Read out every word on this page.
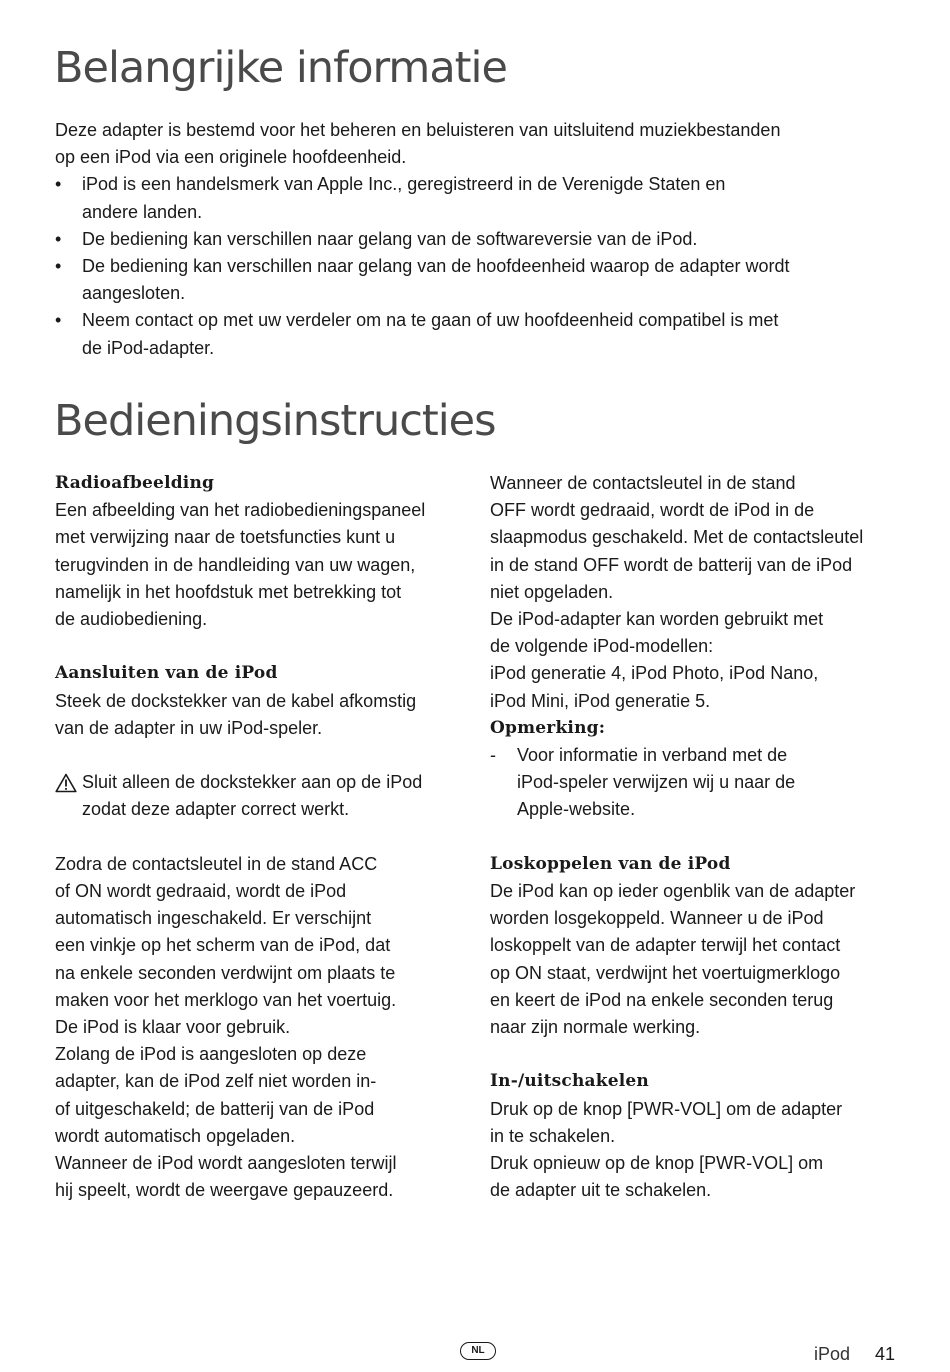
Belangrijke informatie

Deze adapter is bestemd voor het beheren en beluisteren van uitsluitend muziekbestanden
op een iPod via een originele hoofdeenheid.

• iPod is een handelsmerk van Apple Inc., geregistreerd in de Verenigde Staten en
andere landen.
• De bediening kan verschillen naar gelang van de softwareversie van de iPod.
• De bediening kan verschillen naar gelang van de hoofdeenheid waarop de adapter wordt
aangesloten.
• Neem contact op met uw verdeler om na te gaan of uw hoofdeenheid compatibel is met
de iPod-adapter.
Bedieningsinstructies

Radioafbeelding

Een afbeelding van het radiobedieningspaneel
met verwijzing naar de toetsfuncties kunt u
terugvinden in de handleiding van uw wagen,
namelijk in het hoofdstuk met betrekking tot
de audiobediening.

Aansluiten van de iPod

Steek de dockstekker van de kabel afkomstig
van de adapter in uw iPod-speler.

Sluit alleen de dockstekker aan op de iPod
zodat deze adapter correct werkt.

Zodra de contactsleutel in de stand ACC
of ON wordt gedraaid, wordt de iPod
automatisch ingeschakeld. Er verschijnt
een vinkje op het scherm van de iPod, dat
na enkele seconden verdwijnt om plaats te
maken voor het merklogo van het voertuig.
De iPod is klaar voor gebruik.

Zolang de iPod is aangesloten op deze
adapter, kan de iPod zelf niet worden in-
of uitgeschakeld; de batterij van de iPod
wordt automatisch opgeladen.

Wanneer de iPod wordt aangesloten terwijl
hij speelt, wordt de weergave gepauzeerd.

Wanneer de contactsleutel in de stand
OFF wordt gedraaid, wordt de iPod in de
slaapmodus geschakeld. Met de contactsleutel
in de stand OFF wordt de batterij van de iPod
niet opgeladen.

De iPod-adapter kan worden gebruikt met
de volgende iPod-modellen:
iPod generatie 4, iPod Photo, iPod Nano,
iPod Mini, iPod generatie 5.

Opmerking:

- Voor informatie in verband met de
iPod-speler verwijzen wij u naar de
Apple-website.

Loskoppelen van de iPod

De iPod kan op ieder ogenblik van de adapter
worden losgekoppeld. Wanneer u de iPod
loskoppelt van de adapter terwijl het contact
op ON staat, verdwijnt het voertuigmerklogo
en keert de iPod na enkele seconden terug
naar zijn normale werking.

In-/uitschakelen

Druk op de knop [PWR-VOL] om de adapter
in te schakelen.
Druk opnieuw op de knop [PWR-VOL] om
de adapter uit te schakelen.

NL	iPod 41
